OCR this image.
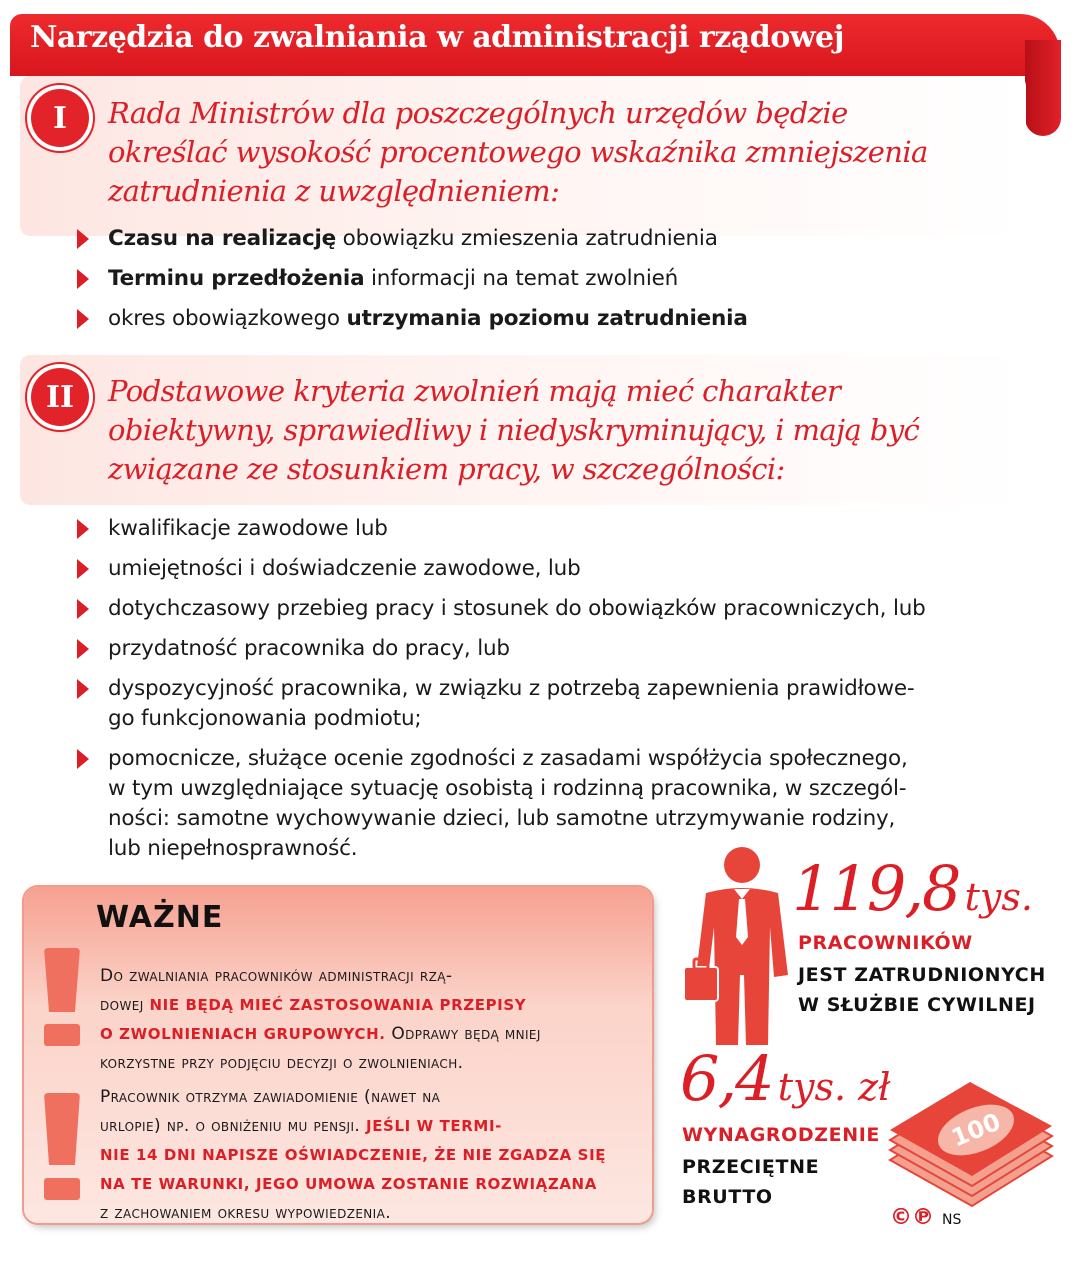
Narzędzia do zwalniania w administracji rządowej
I	Rada Ministrów dla poszczególnych urzędów będzie
określać wysokość procentowego wskaźnika zmniejszenia
zatrudnienia z uwzględnieniem:
Czasu na realizację obowiązku zmieszenia zatrudnienia
Terminu przedłożenia informacji na temat zwolnień
okres obowiązkowego utrzymania poziomu zatrudnienia
II	Podstawowe kryteria zwolnień mają mieć charakter
obiektywny, sprawiedliwy i niedyskryminujący, i mają być
związane ze stosunkiem pracy, w szczególności:
kwalifikacje zawodowe lub
umiejętności i doświadczenie zawodowe, lub
dotychczasowy przebieg pracy i stosunek do obowiązków pracowniczych, lub
przydatność pracownika do pracy, lub
dyspozycyjność pracownika, w związku z potrzebą zapewnienia prawidłowe-
go funkcjonowania podmiotu;
pomocnicze, służące ocenie zgodności z zasadami współżycia społecznego,
w tym uwzględniające sytuację osobistą i rodzinną pracownika, w szczegól-
ności: samotne wychowywanie dzieci, lub samotne utrzymywanie rodziny,
lub niepełnosprawność.
WAŻNE
Do zwalniania pracowników administracji rzą-
dowej NIE BĘDĄ MIEĆ ZASTOSOWANIA PRZEPISY
O ZWOLNIENIACH GRUPOWYCH. Odprawy będą mniej
korzystne przy podjęciu decyzji o zwolnieniach.
Pracownik otrzyma zawiadomienie (nawet na
urlopie) np. o obniżeniu mu pensji. JEŚLI W TERMI-
NIE 14 DNI NAPISZE OŚWIADCZENIE, ŻE NIE ZGADZA SIĘ
NA TE WARUNKI, JEGO UMOWA ZOSTANIE ROZWIĄZANA
z zachowaniem okresu wypowiedzenia.
119,8 tys.
PRACOWNIKÓW
JEST ZATRUDNIONYCH
W SŁUŻBIE CYWILNEJ
6,4 tys. zł
WYNAGRODZENIE
PRZECIĘTNE
BRUTTO
100
©℗ NS
